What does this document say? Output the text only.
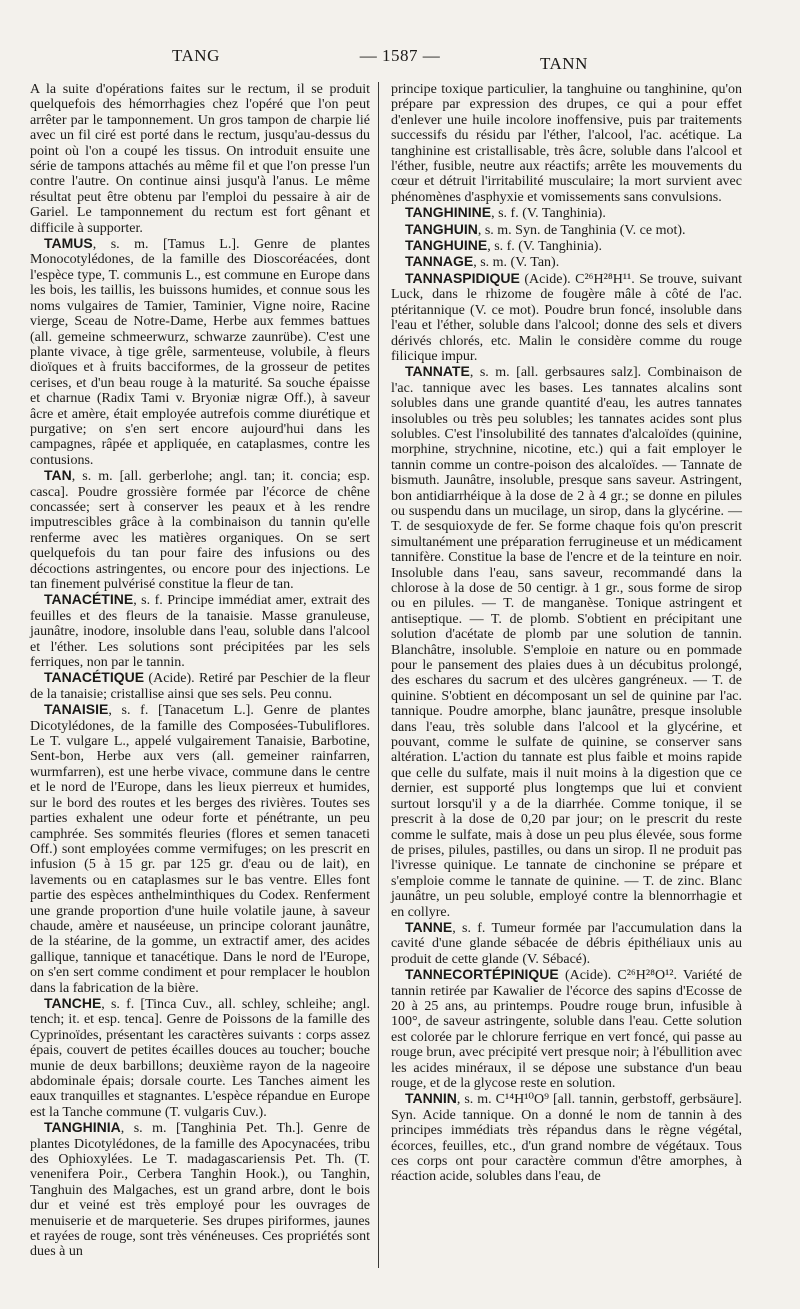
TANG	— 1587 —	TANN

A la suite d'opérations faites sur le rectum, il se produit quelquefois des hémorrhagies chez l'opéré que l'on peut arrêter par le tamponnement. Un gros tampon de charpie lié avec un fil ciré est porté dans le rectum, jusqu'au-dessus du point où l'on a coupé les tissus. On introduit ensuite une série de tampons attachés au même fil et que l'on presse l'un contre l'autre. On continue ainsi jusqu'à l'anus. Le même résultat peut être obtenu par l'emploi du pessaire à air de Gariel. Le tamponnement du rectum est fort gênant et difficile à supporter.

TAMUS, s. m. [Tamus L.]. Genre de plantes Monocotylédones, de la famille des Dioscoréacées, dont l'espèce type, T. communis L., est commune en Europe dans les bois, les taillis, les buissons humides, et connue sous les noms vulgaires de Tamier, Taminier, Vigne noire, Racine vierge, Sceau de Notre-Dame, Herbe aux femmes battues (all. gemeine schmeerwurz, schwarze zaunrübe). C'est une plante vivace, à tige grêle, sarmenteuse, volubile, à fleurs dioïques et à fruits bacciformes, de la grosseur de petites cerises, et d'un beau rouge à la maturité. Sa souche épaisse et charnue (Radix Tami v. Bryoniæ nigræ Off.), à saveur âcre et amère, était employée autrefois comme diurétique et purgative; on s'en sert encore aujourd'hui dans les campagnes, râpée et appliquée, en cataplasmes, contre les contusions.

TAN, s. m. [all. gerberlohe; angl. tan; it. concia; esp. casca]. Poudre grossière formée par l'écorce de chêne concassée; sert à conserver les peaux et à les rendre imputrescibles grâce à la combinaison du tannin qu'elle renferme avec les matières organiques. On se sert quelquefois du tan pour faire des infusions ou des décoctions astringentes, ou encore pour des injections. Le tan finement pulvérisé constitue la fleur de tan.

TANACÉTINE, s. f. Principe immédiat amer, extrait des feuilles et des fleurs de la tanaisie. Masse granuleuse, jaunâtre, inodore, insoluble dans l'eau, soluble dans l'alcool et l'éther. Les solutions sont précipitées par les sels ferriques, non par le tannin.

TANACÉTIQUE (Acide). Retiré par Peschier de la fleur de la tanaisie; cristallise ainsi que ses sels. Peu connu.

TANAISIE, s. f. [Tanacetum L.]. Genre de plantes Dicotylédones, de la famille des Composées-Tubuliflores. Le T. vulgare L., appelé vulgairement Tanaisie, Barbotine, Sent-bon, Herbe aux vers (all. gemeiner rainfarren, wurmfarren), est une herbe vivace, commune dans le centre et le nord de l'Europe, dans les lieux pierreux et humides, sur le bord des routes et les berges des rivières. Toutes ses parties exhalent une odeur forte et pénétrante, un peu camphrée. Ses sommités fleuries (flores et semen tanaceti Off.) sont employées comme vermifuges; on les prescrit en infusion (5 à 15 gr. par 125 gr. d'eau ou de lait), en lavements ou en cataplasmes sur le bas ventre. Elles font partie des espèces anthelminthiques du Codex. Renferment une grande proportion d'une huile volatile jaune, à saveur chaude, amère et nauséeuse, un principe colorant jaunâtre, de la stéarine, de la gomme, un extractif amer, des acides gallique, tannique et tanacétique. Dans le nord de l'Europe, on s'en sert comme condiment et pour remplacer le houblon dans la fabrication de la bière.

TANCHE, s. f. [Tinca Cuv., all. schley, schleihe; angl. tench; it. et esp. tenca]. Genre de Poissons de la famille des Cyprinoïdes, présentant les caractères suivants : corps assez épais, couvert de petites écailles douces au toucher; bouche munie de deux barbillons; deuxième rayon de la nageoire abdominale épais; dorsale courte. Les Tanches aiment les eaux tranquilles et stagnantes. L'espèce répandue en Europe est la Tanche commune (T. vulgaris Cuv.).

TANGHINIA, s. m. [Tanghinia Pet. Th.]. Genre de plantes Dicotylédones, de la famille des Apocynacées, tribu des Ophioxylées. Le T. madagascariensis Pet. Th. (T. venenifera Poir., Cerbera Tanghin Hook.), ou Tanghin, Tanghuin des Malgaches, est un grand arbre, dont le bois dur et veiné est très employé pour les ouvrages de menuiserie et de marqueterie. Ses drupes piriformes, jaunes et rayées de rouge, sont très vénéneuses. Ces propriétés sont dues à un

principe toxique particulier, la tanghuine ou tanghinine, qu'on prépare par expression des drupes, ce qui a pour effet d'enlever une huile incolore inoffensive, puis par traitements successifs du résidu par l'éther, l'alcool, l'ac. acétique. La tanghinine est cristallisable, très âcre, soluble dans l'alcool et l'éther, fusible, neutre aux réactifs; arrête les mouvements du cœur et détruit l'irritabilité musculaire; la mort survient avec phénomènes d'asphyxie et vomissements sans convulsions.

TANGHININE, s. f. (V. Tanghinia).

TANGHUIN, s. m. Syn. de Tanghinia (V. ce mot).

TANGHUINE, s. f. (V. Tanghinia).

TANNAGE, s. m. (V. Tan).

TANNASPIDIQUE (Acide). C²⁶H²⁸H¹¹. Se trouve, suivant Luck, dans le rhizome de fougère mâle à côté de l'ac. ptéritannique (V. ce mot). Poudre brun foncé, insoluble dans l'eau et l'éther, soluble dans l'alcool; donne des sels et divers dérivés chlorés, etc. Malin le considère comme du rouge filicique impur.

TANNATE, s. m. [all. gerbsaures salz]. Combinaison de l'ac. tannique avec les bases. Les tannates alcalins sont solubles dans une grande quantité d'eau, les autres tannates insolubles ou très peu solubles; les tannates acides sont plus solubles. C'est l'insolubilité des tannates d'alcaloïdes (quinine, morphine, strychnine, nicotine, etc.) qui a fait employer le tannin comme un contre-poison des alcaloïdes. — Tannate de bismuth. Jaunâtre, insoluble, presque sans saveur. Astringent, bon antidiarrhéique à la dose de 2 à 4 gr.; se donne en pilules ou suspendu dans un mucilage, un sirop, dans la glycérine. — T. de sesquioxyde de fer. Se forme chaque fois qu'on prescrit simultanément une préparation ferrugineuse et un médicament tannifère. Constitue la base de l'encre et de la teinture en noir. Insoluble dans l'eau, sans saveur, recommandé dans la chlorose à la dose de 50 centigr. à 1 gr., sous forme de sirop ou en pilules. — T. de manganèse. Tonique astringent et antiseptique. — T. de plomb. S'obtient en précipitant une solution d'acétate de plomb par une solution de tannin. Blanchâtre, insoluble. S'emploie en nature ou en pommade pour le pansement des plaies dues à un décubitus prolongé, des eschares du sacrum et des ulcères gangréneux. — T. de quinine. S'obtient en décomposant un sel de quinine par l'ac. tannique. Poudre amorphe, blanc jaunâtre, presque insoluble dans l'eau, très soluble dans l'alcool et la glycérine, et pouvant, comme le sulfate de quinine, se conserver sans altération. L'action du tannate est plus faible et moins rapide que celle du sulfate, mais il nuit moins à la digestion que ce dernier, est supporté plus longtemps que lui et convient surtout lorsqu'il y a de la diarrhée. Comme tonique, il se prescrit à la dose de 0,20 par jour; on le prescrit du reste comme le sulfate, mais à dose un peu plus élevée, sous forme de prises, pilules, pastilles, ou dans un sirop. Il ne produit pas l'ivresse quinique. Le tannate de cinchonine se prépare et s'emploie comme le tannate de quinine. — T. de zinc. Blanc jaunâtre, un peu soluble, employé contre la blennorrhagie et en collyre.

TANNE, s. f. Tumeur formée par l'accumulation dans la cavité d'une glande sébacée de débris épithéliaux unis au produit de cette glande (V. Sébacé).

TANNECORTÉPINIQUE (Acide). C²⁶H²⁸O¹². Variété de tannin retirée par Kawalier de l'écorce des sapins d'Ecosse de 20 à 25 ans, au printemps. Poudre rouge brun, infusible à 100°, de saveur astringente, soluble dans l'eau. Cette solution est colorée par le chlorure ferrique en vert foncé, qui passe au rouge brun, avec précipité vert presque noir; à l'ébullition avec les acides minéraux, il se dépose une substance d'un beau rouge, et de la glycose reste en solution.

TANNIN, s. m. C¹⁴H¹⁰O⁹ [all. tannin, gerbstoff, gerbsäure]. Syn. Acide tannique. On a donné le nom de tannin à des principes immédiats très répandus dans le règne végétal, écorces, feuilles, etc., d'un grand nombre de végétaux. Tous ces corps ont pour caractère commun d'être amorphes, à réaction acide, solubles dans l'eau, de
